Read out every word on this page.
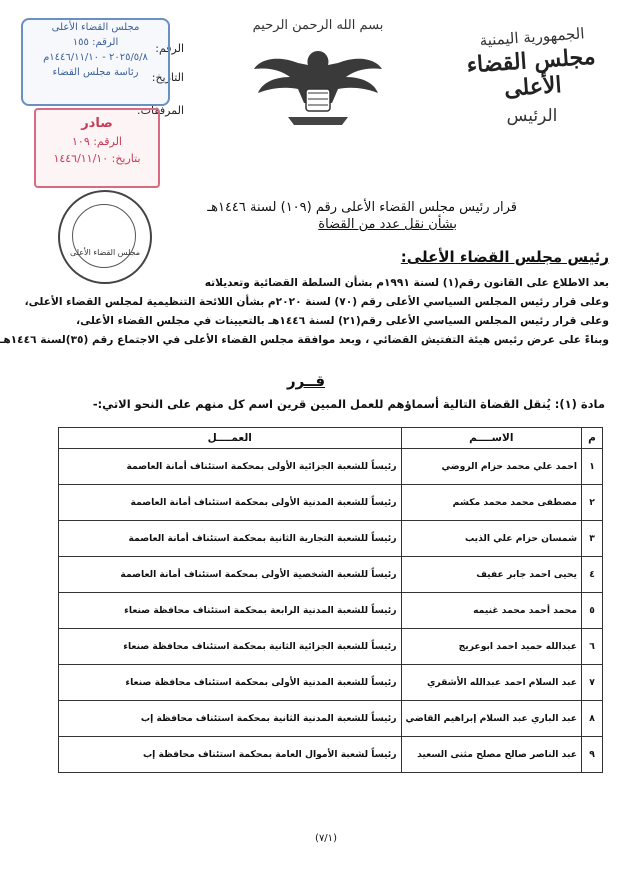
الجمهورية اليمنية
مجلس القضاء الأعلى
الرئيس
بسم الله الرحمن الرحيم
الرقم:
التاريخ:
المرفقات:
مجلس القضاء الأعلى
الرقم: ١٥٥
٢٠٢٥/٥/٨ - ١٤٤٦/١١/١٠م
رئاسة مجلس القضاء
صادر
الرقم: ١٠٩
بتاريخ: ١٤٤٦/١١/١٠
مجلس القضاء الأعلى
قرار رئيس مجلس القضاء الأعلى رقم (١٠٩) لسنة ١٤٤٦هـ
بشأن نقل عدد من القضاة
رئيس مجلس القضاء الأعلى:
بعد الاطلاع على القانون رقم(١) لسنة ١٩٩١م بشأن السلطة القضائية وتعديلاته
وعلى قرار رئيس المجلس السياسي الأعلى رقم (٧٠) لسنة ٢٠٢٠م بشأن اللائحة التنظيمية لمجلس القضاء الأعلى،
وعلى قرار رئيس المجلس السياسي الأعلى رقم(٢١) لسنة ١٤٤٦هـ بالتعيينات في مجلس القضاء الأعلى،
وبناءً على عرض رئيس هيئة التفتيش القضائي ، وبعد موافقة مجلس القضاء الأعلى في الاجتماع رقم (٣٥)لسنة ١٤٤٦هـ
قــرر
مادة (١): يُنقل القضاة التالية أسماؤهم للعمل المبين قرين اسم كل منهم على النحو الاتي:-
م	الاســــم	العمــــل
١	احمد علي محمد حزام الروضي	رئيساً للشعبة الجزائية الأولى بمحكمة استئناف أمانة العاصمة
٢	مصطفى محمد محمد مكشم	رئيساً للشعبة المدنية الأولى بمحكمة استئناف أمانة العاصمة
٣	شمسان حزام علي الذيب	رئيساً للشعبة التجارية الثانية بمحكمة استئناف أمانة العاصمة
٤	يحيى احمد جابر عفيف	رئيساً للشعبة الشخصية الأولى بمحكمة استئناف أمانة العاصمة
٥	محمد أحمد محمد غنيمه	رئيساً للشعبة المدنية الرابعة بمحكمة استئناف محافظة صنعاء
٦	عبدالله حميد احمد ابوعريج	رئيساً للشعبة الجزائية الثانية بمحكمة استئناف محافظة صنعاء
٧	عبد السلام احمد عبدالله الأشقري	رئيساً للشعبة المدنية الأولى بمحكمة استئناف محافظة صنعاء
٨	عبد الباري عبد السلام إبراهيم القاضي	رئيساً للشعبة المدنية الثانية بمحكمة استئناف محافظة إب
٩	عبد الناصر صالح مصلح مثنى السعيد	رئيساً لشعبة الأموال العامة بمحكمة استئناف محافظة إب
(٧/١)
